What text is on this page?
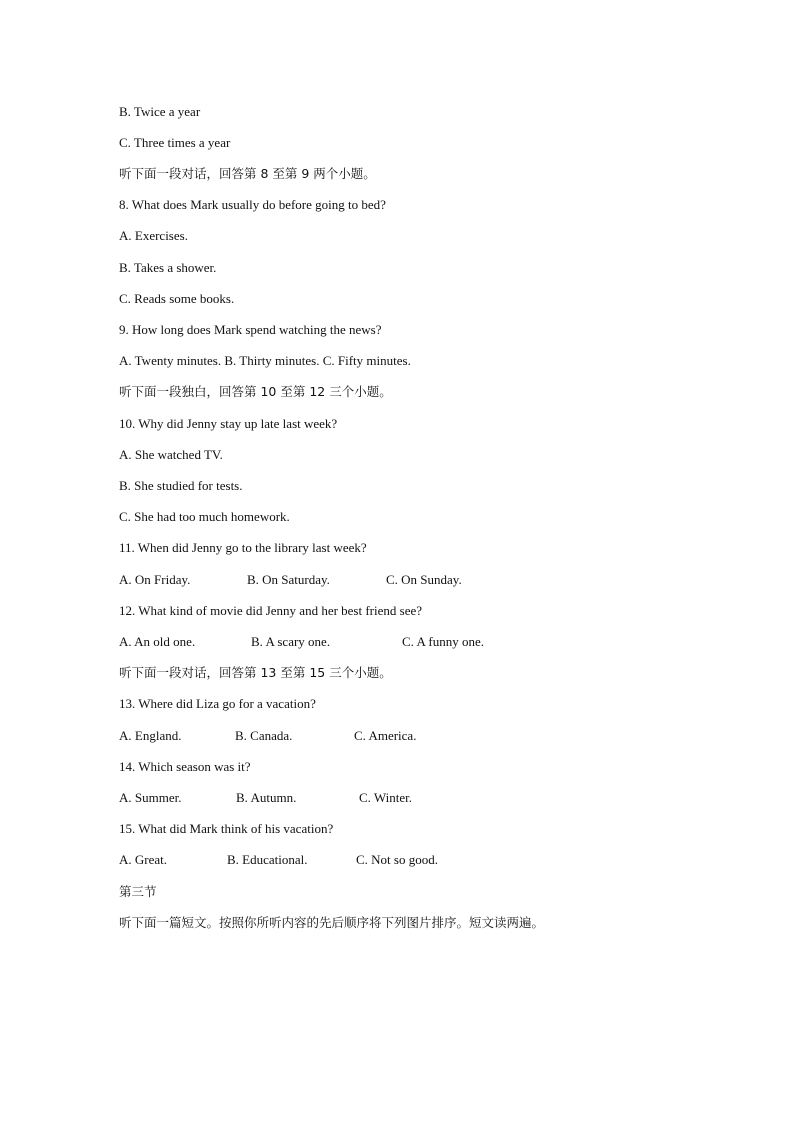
B. Twice a year
C. Three times a year
听下面一段对话，回答第 8 至第 9 两个小题。
8. What does Mark usually do before going to bed?
A. Exercises.
B. Takes a shower.
C. Reads some books.
9. How long does Mark spend watching the news?
A. Twenty minutes. B. Thirty minutes. C. Fifty minutes.
听下面一段独白，回答第 10 至第 12 三个小题。
10. Why did Jenny stay up late last week?
A. She watched TV.
B. She studied for tests.
C. She had too much homework.
11. When did Jenny go to the library last week?
A. On Friday.	B. On Saturday.	C. On Sunday.
12. What kind of movie did Jenny and her best friend see?
A. An old one.	B. A scary one.	C. A funny one.
听下面一段对话，回答第 13 至第 15 三个小题。
13. Where did Liza go for a vacation?
A. England.	B. Canada.	C. America.
14. Which season was it?
A. Summer.	B. Autumn.	C. Winter.
15. What did Mark think of his vacation?
A. Great.	B. Educational.	C. Not so good.
第三节
听下面一篇短文。按照你所听内容的先后顺序将下列图片排序。短文读两遍。
